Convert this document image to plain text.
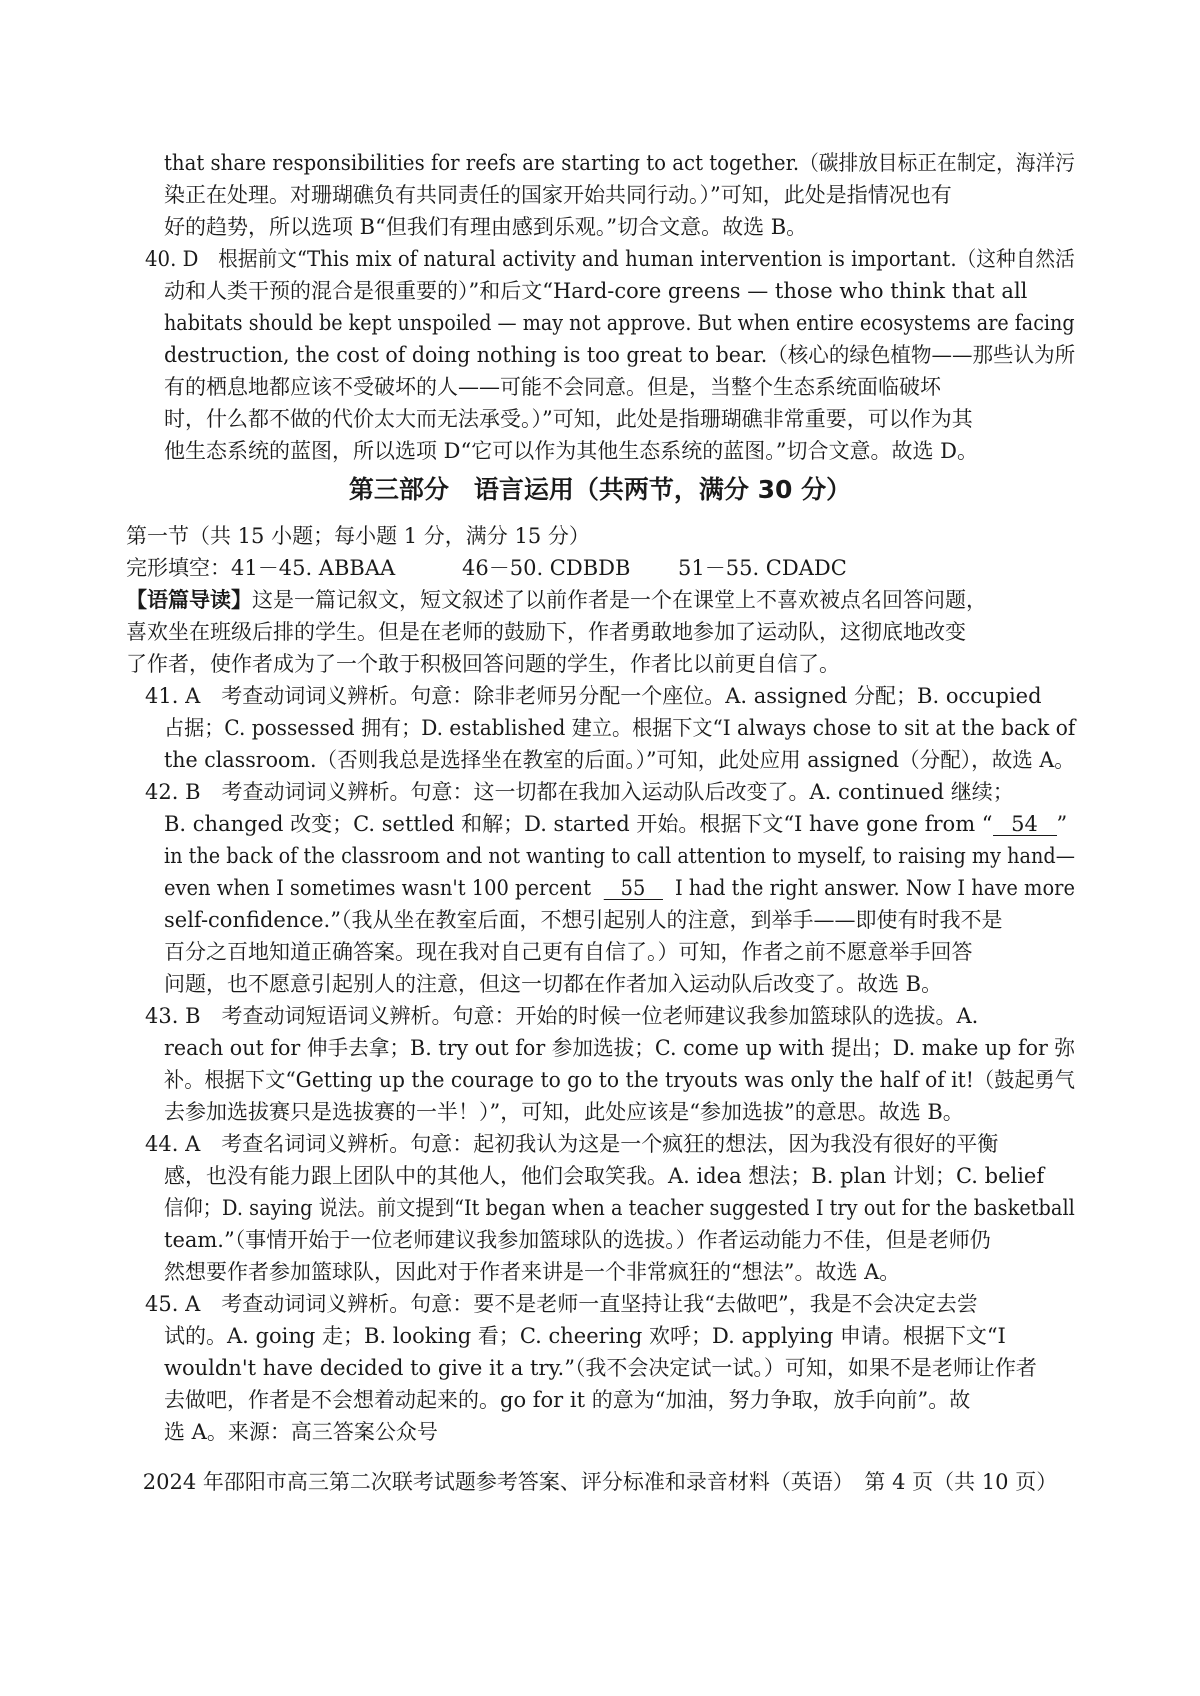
that share responsibilities for reefs are starting to act together.（碳排放目标正在制定，海洋污
染正在处理。对珊瑚礁负有共同责任的国家开始共同行动。）”可知，此处是指情况也有
好的趋势，所以选项 B“但我们有理由感到乐观。”切合文意。故选 B。
40. D　根据前文“This mix of natural activity and human intervention is important.（这种自然活
动和人类干预的混合是很重要的）”和后文“Hard-core greens — those who think that all
habitats should be kept unspoiled — may not approve. But when entire ecosystems are facing
destruction, the cost of doing nothing is too great to bear.（核心的绿色植物——那些认为所
有的栖息地都应该不受破坏的人——可能不会同意。但是，当整个生态系统面临破坏
时，什么都不做的代价太大而无法承受。）”可知，此处是指珊瑚礁非常重要，可以作为其
他生态系统的蓝图，所以选项 D“它可以作为其他生态系统的蓝图。”切合文意。故选 D。
第三部分　语言运用（共两节，满分 30 分）
第一节（共 15 小题；每小题 1 分，满分 15 分）
完形填空：41－45. ABBAA	46－50. CDBDB 51－55. CDADC
【语篇导读】这是一篇记叙文，短文叙述了以前作者是一个在课堂上不喜欢被点名回答问题，
喜欢坐在班级后排的学生。但是在老师的鼓励下，作者勇敢地参加了运动队，这彻底地改变
了作者，使作者成为了一个敢于积极回答问题的学生，作者比以前更自信了。
41. A　考查动词词义辨析。句意：除非老师另分配一个座位。A. assigned 分配；B. occupied
占据；C. possessed 拥有；D. established 建立。根据下文“I always chose to sit at the back of
the classroom.（否则我总是选择坐在教室的后面。）”可知，此处应用 assigned（分配），故选 A。
42. B　考查动词词义辨析。句意：这一切都在我加入运动队后改变了。A. continued 继续；
B. changed 改变；C. settled 和解；D. started 开始。根据下文“I have gone from “ 54 ”
in the back of the classroom and not wanting to call attention to myself, to raising my hand—
even when I sometimes wasn't 100 percent 55 I had the right answer. Now I have more
self-confidence.”（我从坐在教室后面，不想引起别人的注意，到举手——即使有时我不是
百分之百地知道正确答案。现在我对自己更有自信了。）可知，作者之前不愿意举手回答
问题，也不愿意引起别人的注意，但这一切都在作者加入运动队后改变了。故选 B。
43. B　考查动词短语词义辨析。句意：开始的时候一位老师建议我参加篮球队的选拔。A.
reach out for 伸手去拿；B. try out for 参加选拔；C. come up with 提出；D. make up for 弥
补。根据下文“Getting up the courage to go to the tryouts was only the half of it!（鼓起勇气
去参加选拔赛只是选拔赛的一半！）”，可知，此处应该是“参加选拔”的意思。故选 B。
44. A　考查名词词义辨析。句意：起初我认为这是一个疯狂的想法，因为我没有很好的平衡
感，也没有能力跟上团队中的其他人，他们会取笑我。A. idea 想法；B. plan 计划；C. belief
信仰；D. saying 说法。前文提到“It began when a teacher suggested I try out for the basketball
team.”（事情开始于一位老师建议我参加篮球队的选拔。）作者运动能力不佳，但是老师仍
然想要作者参加篮球队，因此对于作者来讲是一个非常疯狂的“想法”。故选 A。
45. A　考查动词词义辨析。句意：要不是老师一直坚持让我“去做吧”，我是不会决定去尝
试的。A. going 走；B. looking 看；C. cheering 欢呼；D. applying 申请。根据下文“I
wouldn't have decided to give it a try.”（我不会决定试一试。）可知，如果不是老师让作者
去做吧，作者是不会想着动起来的。go for it 的意为“加油，努力争取，放手向前”。故
选 A。来源：高三答案公众号
2024 年邵阳市高三第二次联考试题参考答案、评分标准和录音材料（英语）　第 4 页（共 10 页）
